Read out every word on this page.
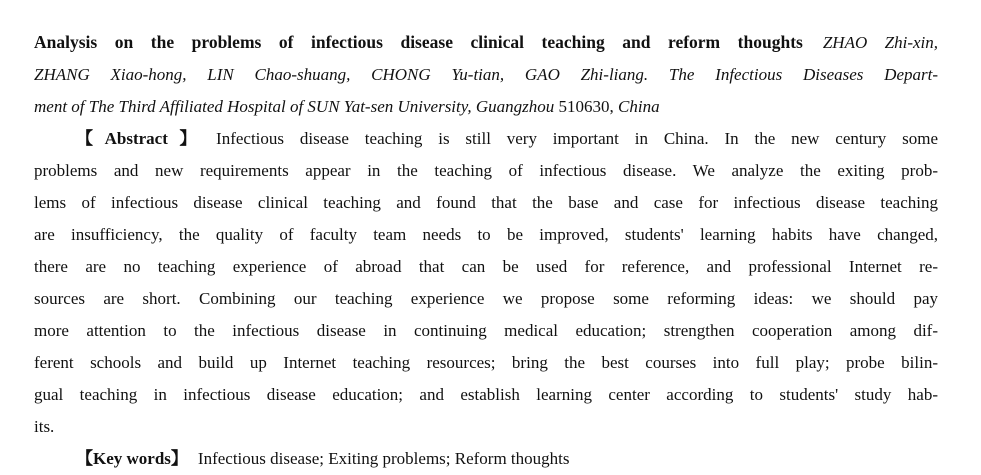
Analysis on the problems of infectious disease clinical teaching and reform thoughts ZHAO Zhi-xin,
ZHANG Xiao-hong, LIN Chao-shuang, CHONG Yu-tian, GAO Zhi-liang. The Infectious Diseases Depart-
ment of The Third Affiliated Hospital of SUN Yat-sen University, Guangzhou 510630, China
【Abstract】 Infectious disease teaching is still very important in China. In the new century some
problems and new requirements appear in the teaching of infectious disease. We analyze the exiting prob-
lems of infectious disease clinical teaching and found that the base and case for infectious disease teaching
are insufficiency, the quality of faculty team needs to be improved, students' learning habits have changed,
there are no teaching experience of abroad that can be used for reference, and professional Internet re-
sources are short. Combining our teaching experience we propose some reforming ideas: we should pay
more attention to the infectious disease in continuing medical education; strengthen cooperation among dif-
ferent schools and build up Internet teaching resources; bring the best courses into full play; probe bilin-
gual teaching in infectious disease education; and establish learning center according to students' study hab-
its.
【Key words】 Infectious disease; Exiting problems; Reform thoughts
